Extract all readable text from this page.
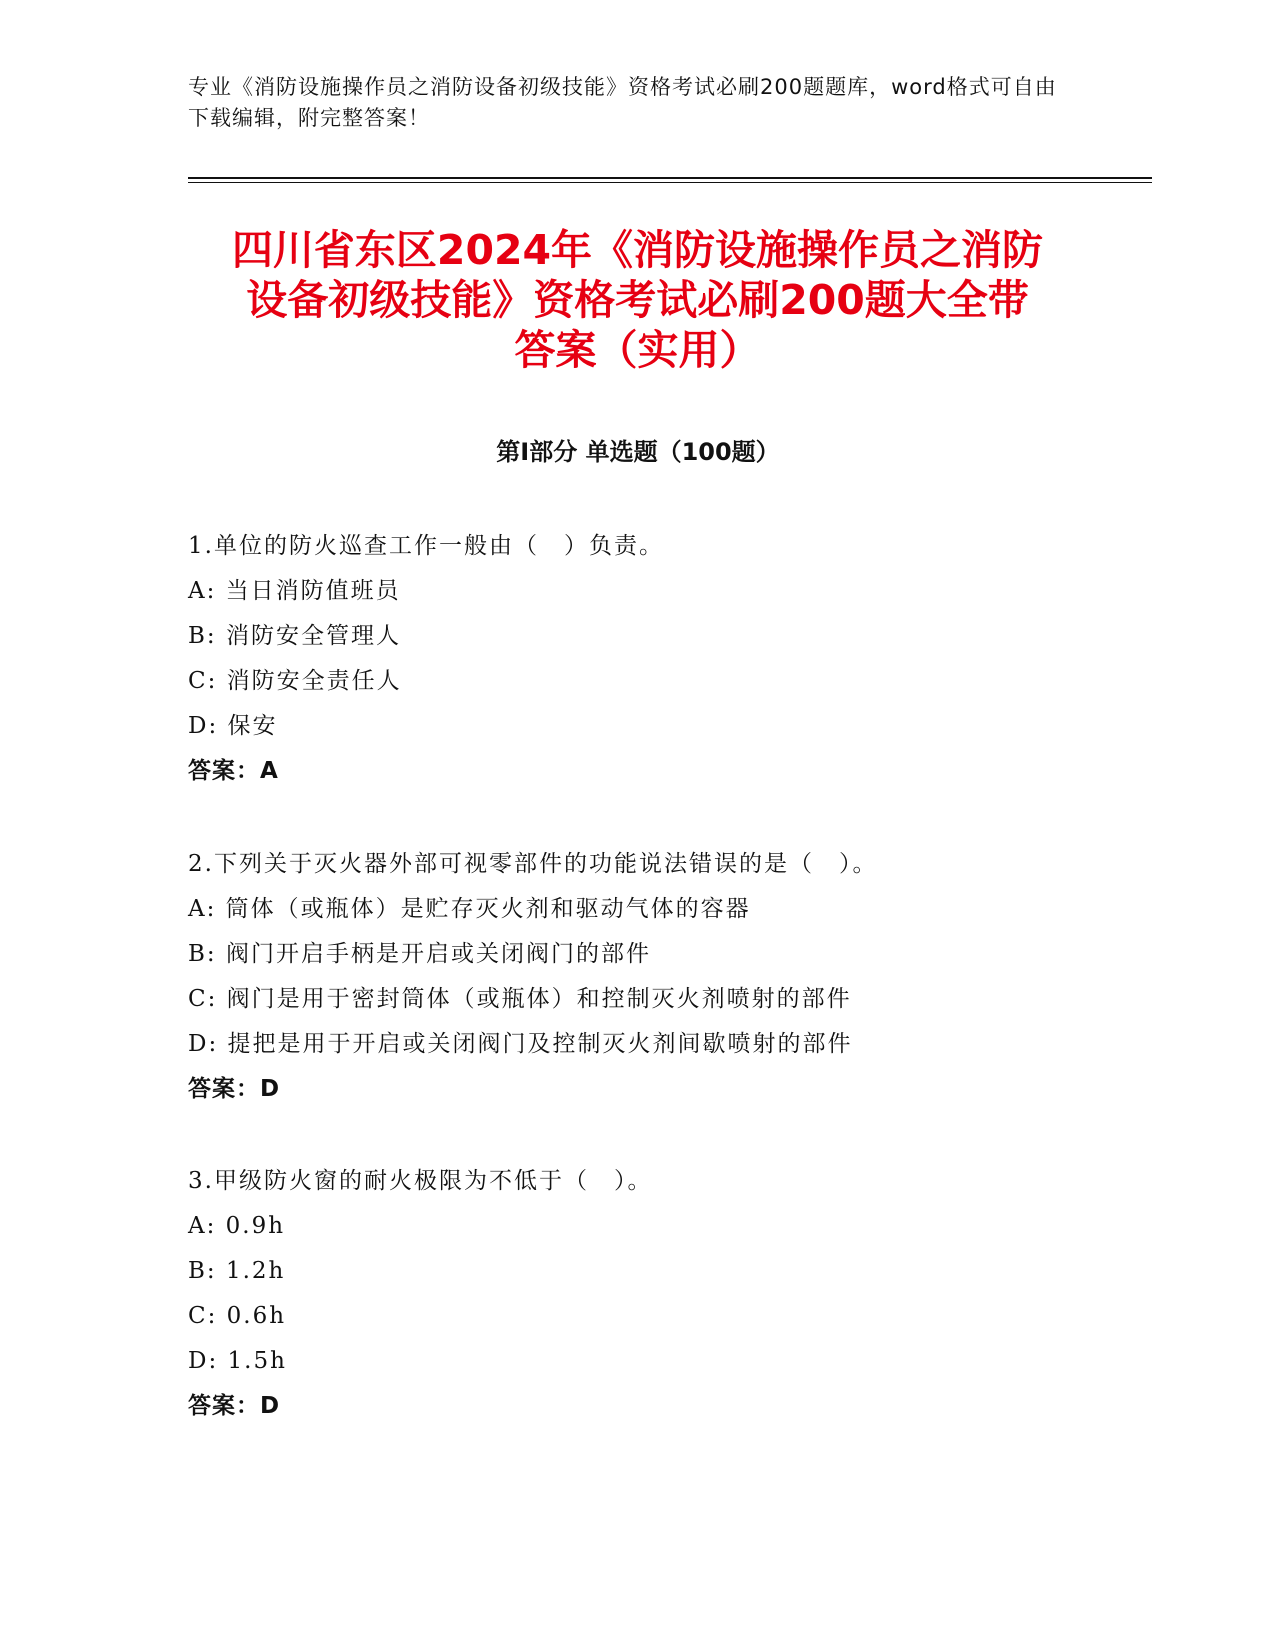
专业《消防设施操作员之消防设备初级技能》资格考试必刷200题题库，word格式可自由下载编辑，附完整答案！
四川省东区2024年《消防设施操作员之消防
设备初级技能》资格考试必刷200题大全带
答案（实用）
第Ⅰ部分 单选题（100题）
1.单位的防火巡查工作一般由（　）负责。
A: 当日消防值班员
B: 消防安全管理人
C: 消防安全责任人
D: 保安
答案：A
2.下列关于灭火器外部可视零部件的功能说法错误的是（　）。
A: 筒体（或瓶体）是贮存灭火剂和驱动气体的容器
B: 阀门开启手柄是开启或关闭阀门的部件
C: 阀门是用于密封筒体（或瓶体）和控制灭火剂喷射的部件
D: 提把是用于开启或关闭阀门及控制灭火剂间歇喷射的部件
答案：D
3.甲级防火窗的耐火极限为不低于（　）。
A: 0.9h
B: 1.2h
C: 0.6h
D: 1.5h
答案：D
